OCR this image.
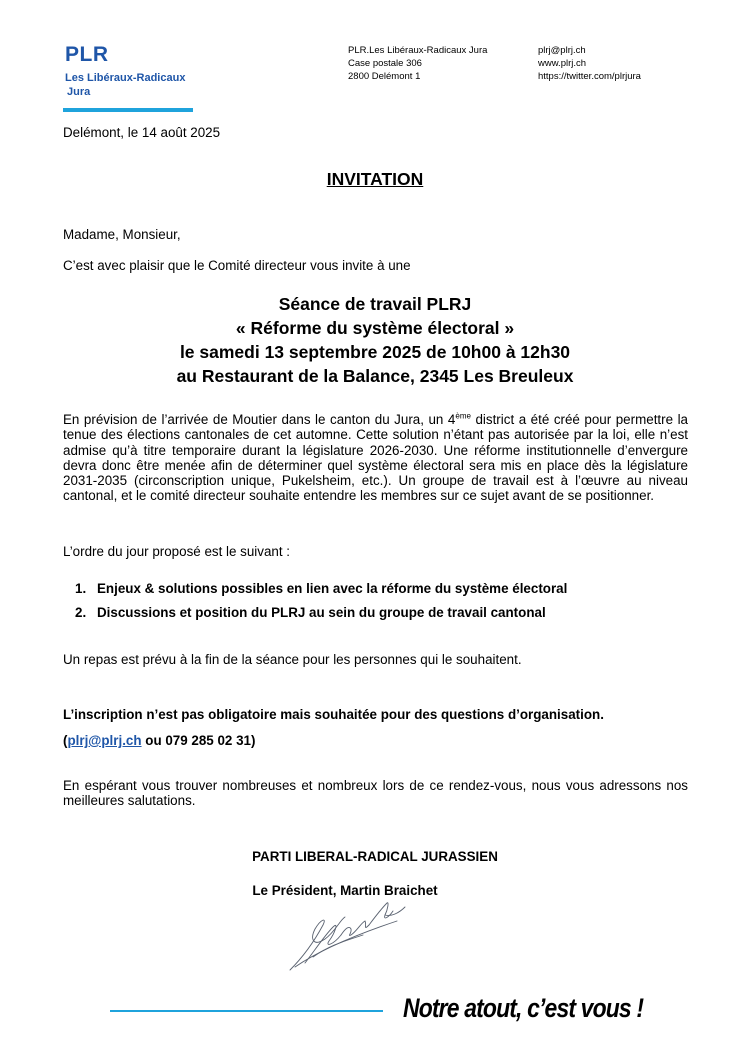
PLR
Les Libéraux-Radicaux
Jura
PLR.Les Libéraux-Radicaux Jura
Case postale 306
2800 Delémont 1
plrj@plrj.ch
www.plrj.ch
https://twitter.com/plrjura
Delémont, le 14 août 2025
INVITATION
Madame, Monsieur,
C’est avec plaisir que le Comité directeur vous invite à une
Séance de travail PLRJ
« Réforme du système électoral »
le samedi 13 septembre 2025 de 10h00 à 12h30
au Restaurant de la Balance, 2345 Les Breuleux
En prévision de l’arrivée de Moutier dans le canton du Jura, un 4ème district a été créé pour permettre la tenue des élections cantonales de cet automne. Cette solution n’étant pas autorisée par la loi, elle n’est admise qu’à titre temporaire durant la législature 2026-2030. Une réforme institutionnelle d’envergure devra donc être menée afin de déterminer quel système électoral sera mis en place dès la législature 2031-2035 (circonscription unique, Pukelsheim, etc.). Un groupe de travail est à l’œuvre au niveau cantonal, et le comité directeur souhaite entendre les membres sur ce sujet avant de se positionner.
L’ordre du jour proposé est le suivant :
1. Enjeux & solutions possibles en lien avec la réforme du système électoral
2. Discussions et position du PLRJ au sein du groupe de travail cantonal
Un repas est prévu à la fin de la séance pour les personnes qui le souhaitent.
L’inscription n’est pas obligatoire mais souhaitée pour des questions d’organisation.
(plrj@plrj.ch ou 079 285 02 31)
En espérant vous trouver nombreuses et nombreux lors de ce rendez-vous, nous vous adressons nos meilleures salutations.
PARTI LIBERAL-RADICAL JURASSIEN
Le Président, Martin Braichet
Notre atout, c’est vous !
